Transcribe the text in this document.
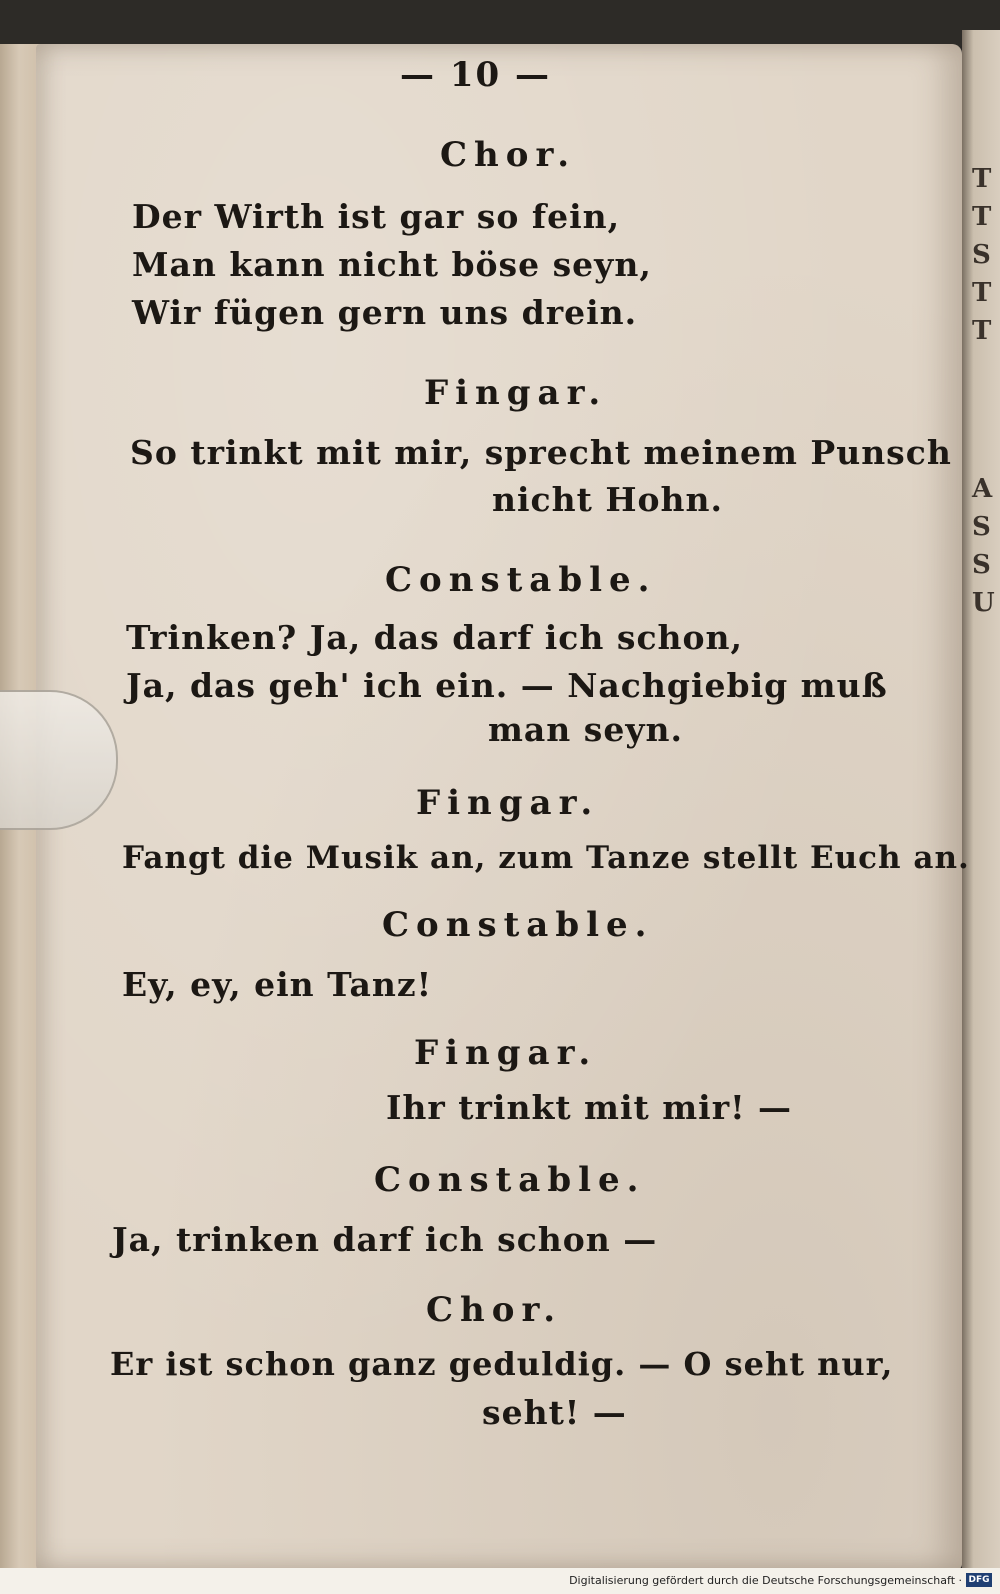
T
T
S
T
T
A
S
S
U
— 10 —
Chor.
Der Wirth ist gar so fein,
Man kann nicht böse seyn,
Wir fügen gern uns drein.
Fingar.
So trinkt mit mir, sprecht meinem Punsch
nicht Hohn.
Constable.
Trinken? Ja, das darf ich schon,
Ja, das geh' ich ein. — Nachgiebig muß
man seyn.
Fingar.
Fangt die Musik an, zum Tanze stellt Euch an.
Constable.
Ey, ey, ein Tanz!
Fingar.
Ihr trinkt mit mir! —
Constable.
Ja, trinken darf ich schon —
Chor.
Er ist schon ganz geduldig. — O seht nur,
seht! —
Digitalisierung gefördert durch die Deutsche Forschungsgemeinschaft · DFG
